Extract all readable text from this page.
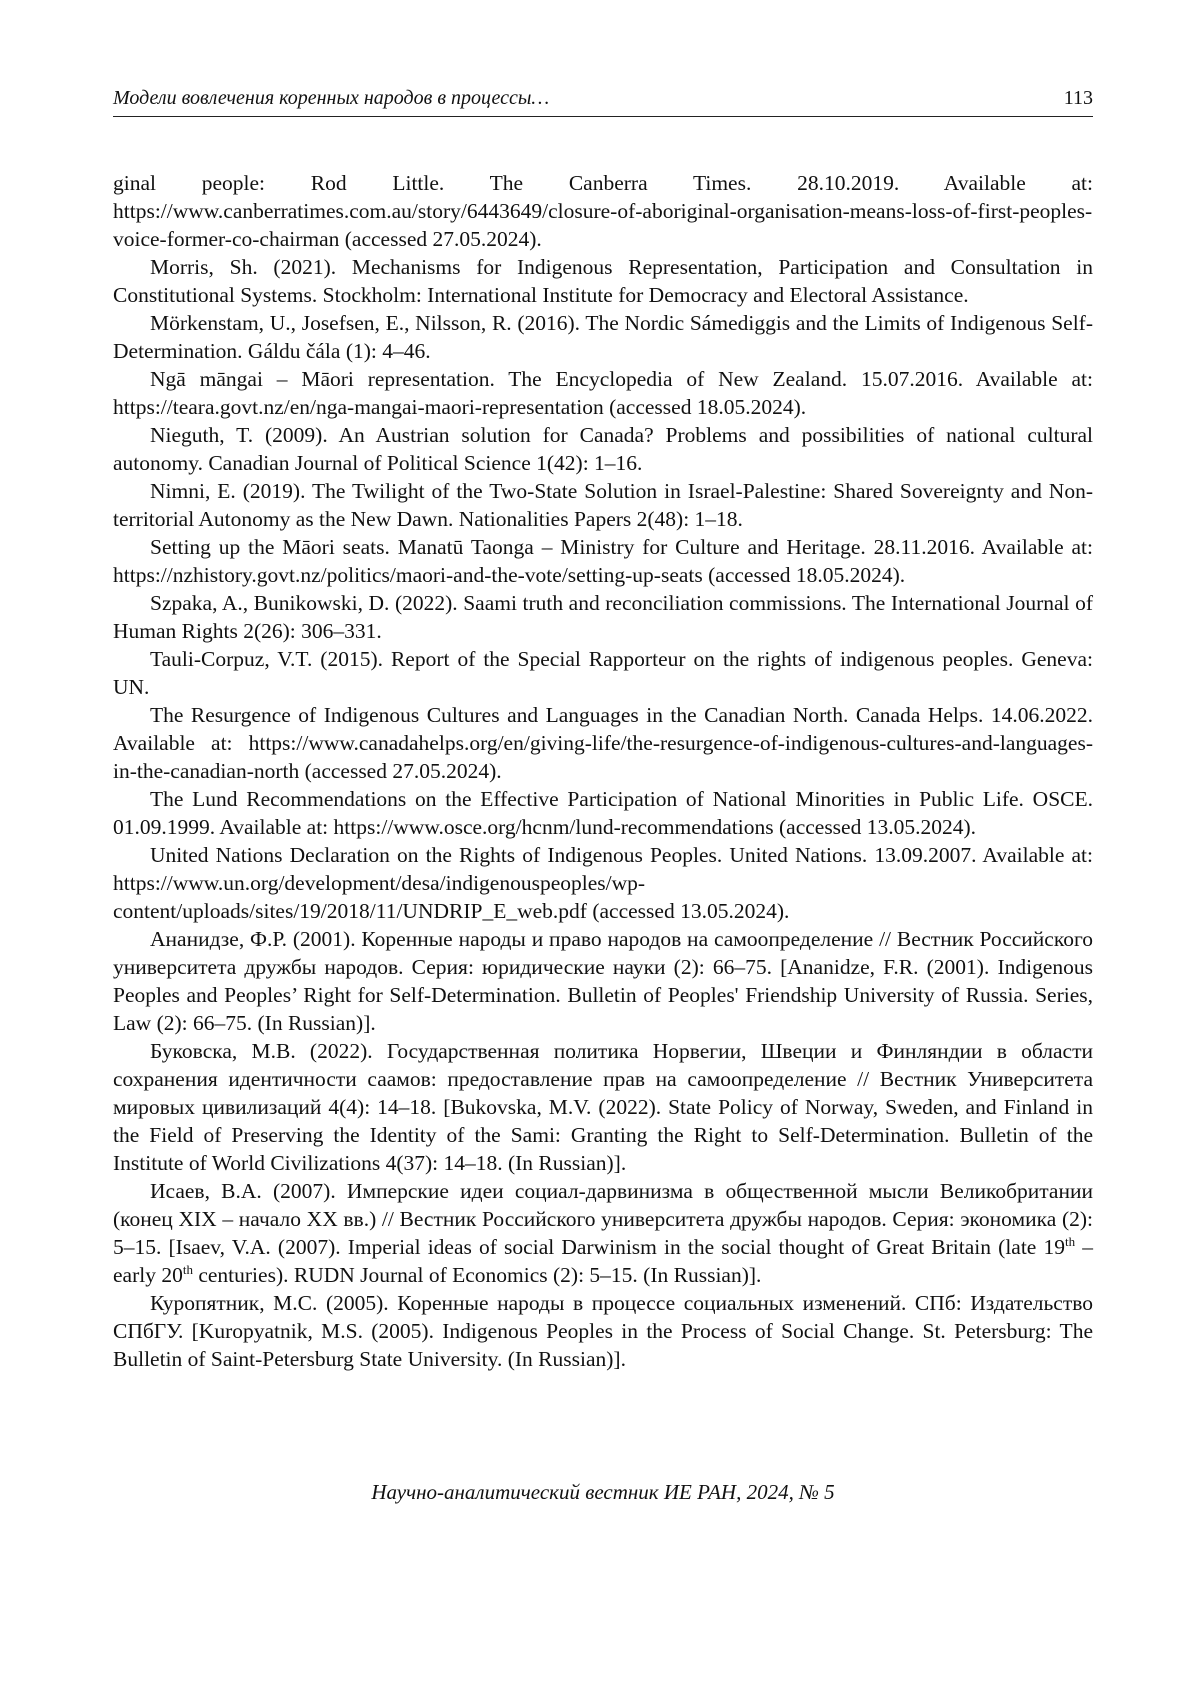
Модели вовлечения коренных народов в процессы…	113

ginal people: Rod Little. The Canberra Times. 28.10.2019. Available at: https://www.canberratimes.com.au/story/6443649/closure-of-aboriginal-organisation-means-loss-of-first-peoples-voice-former-co-chairman (accessed 27.05.2024).

Morris, Sh. (2021). Mechanisms for Indigenous Representation, Participation and Consultation in Constitutional Systems. Stockholm: International Institute for Democracy and Electoral Assistance.

Mörkenstam, U., Josefsen, E., Nilsson, R. (2016). The Nordic Sámediggis and the Limits of Indigenous Self-Determination. Gáldu čála (1): 4–46.

Ngā māngai – Māori representation. The Encyclopedia of New Zealand. 15.07.2016. Available at: https://teara.govt.nz/en/nga-mangai-maori-representation (accessed 18.05.2024).

Nieguth, T. (2009). An Austrian solution for Canada? Problems and possibilities of national cultural autonomy. Canadian Journal of Political Science 1(42): 1–16.

Nimni, E. (2019). The Twilight of the Two-State Solution in Israel-Palestine: Shared Sovereignty and Non-territorial Autonomy as the New Dawn. Nationalities Papers 2(48): 1–18.

Setting up the Māori seats. Manatū Taonga – Ministry for Culture and Heritage. 28.11.2016. Available at: https://nzhistory.govt.nz/politics/maori-and-the-vote/setting-up-seats (accessed 18.05.2024).

Szpaka, A., Bunikowski, D. (2022). Saami truth and reconciliation commissions. The International Journal of Human Rights 2(26): 306–331.

Tauli-Corpuz, V.T. (2015). Report of the Special Rapporteur on the rights of indigenous peoples. Geneva: UN.

The Resurgence of Indigenous Cultures and Languages in the Canadian North. Canada Helps. 14.06.2022. Available at: https://www.canadahelps.org/en/giving-life/the-resurgence-of-indigenous-cultures-and-languages-in-the-canadian-north (accessed 27.05.2024).

The Lund Recommendations on the Effective Participation of National Minorities in Public Life. OSCE. 01.09.1999. Available at: https://www.osce.org/hcnm/lund-recommendations (accessed 13.05.2024).

United Nations Declaration on the Rights of Indigenous Peoples. United Nations. 13.09.2007. Available at: https://www.un.org/development/desa/indigenouspeoples/wp-content/uploads/sites/19/2018/11/UNDRIP_E_web.pdf (accessed 13.05.2024).

Ананидзе, Ф.Р. (2001). Коренные народы и право народов на самоопределение // Вестник Российского университета дружбы народов. Серия: юридические науки (2): 66–75. [Ananidze, F.R. (2001). Indigenous Peoples and Peoples’ Right for Self-Determination. Bulletin of Peoples' Friendship University of Russia. Series, Law (2): 66–75. (In Russian)].

Буковска, М.В. (2022). Государственная политика Норвегии, Швеции и Финляндии в области сохранения идентичности саамов: предоставление прав на самоопределение // Вестник Университета мировых цивилизаций 4(4): 14–18. [Bukovska, M.V. (2022). State Policy of Norway, Sweden, and Finland in the Field of Preserving the Identity of the Sami: Granting the Right to Self-Determination. Bulletin of the Institute of World Civilizations 4(37): 14–18. (In Russian)].

Исаев, В.А. (2007). Имперские идеи социал-дарвинизма в общественной мысли Великобритании (конец XIX – начало XX вв.) // Вестник Российского университета дружбы народов. Серия: экономика (2): 5–15. [Isaev, V.A. (2007). Imperial ideas of social Darwinism in the social thought of Great Britain (late 19th – early 20th centuries). RUDN Journal of Economics (2): 5–15. (In Russian)].

Куропятник, М.С. (2005). Коренные народы в процессе социальных изменений. СПб: Издательство СПбГУ. [Kuropyatnik, M.S. (2005). Indigenous Peoples in the Process of Social Change. St. Petersburg: The Bulletin of Saint-Petersburg State University. (In Russian)].

Научно-аналитический вестник ИЕ РАН, 2024, № 5
